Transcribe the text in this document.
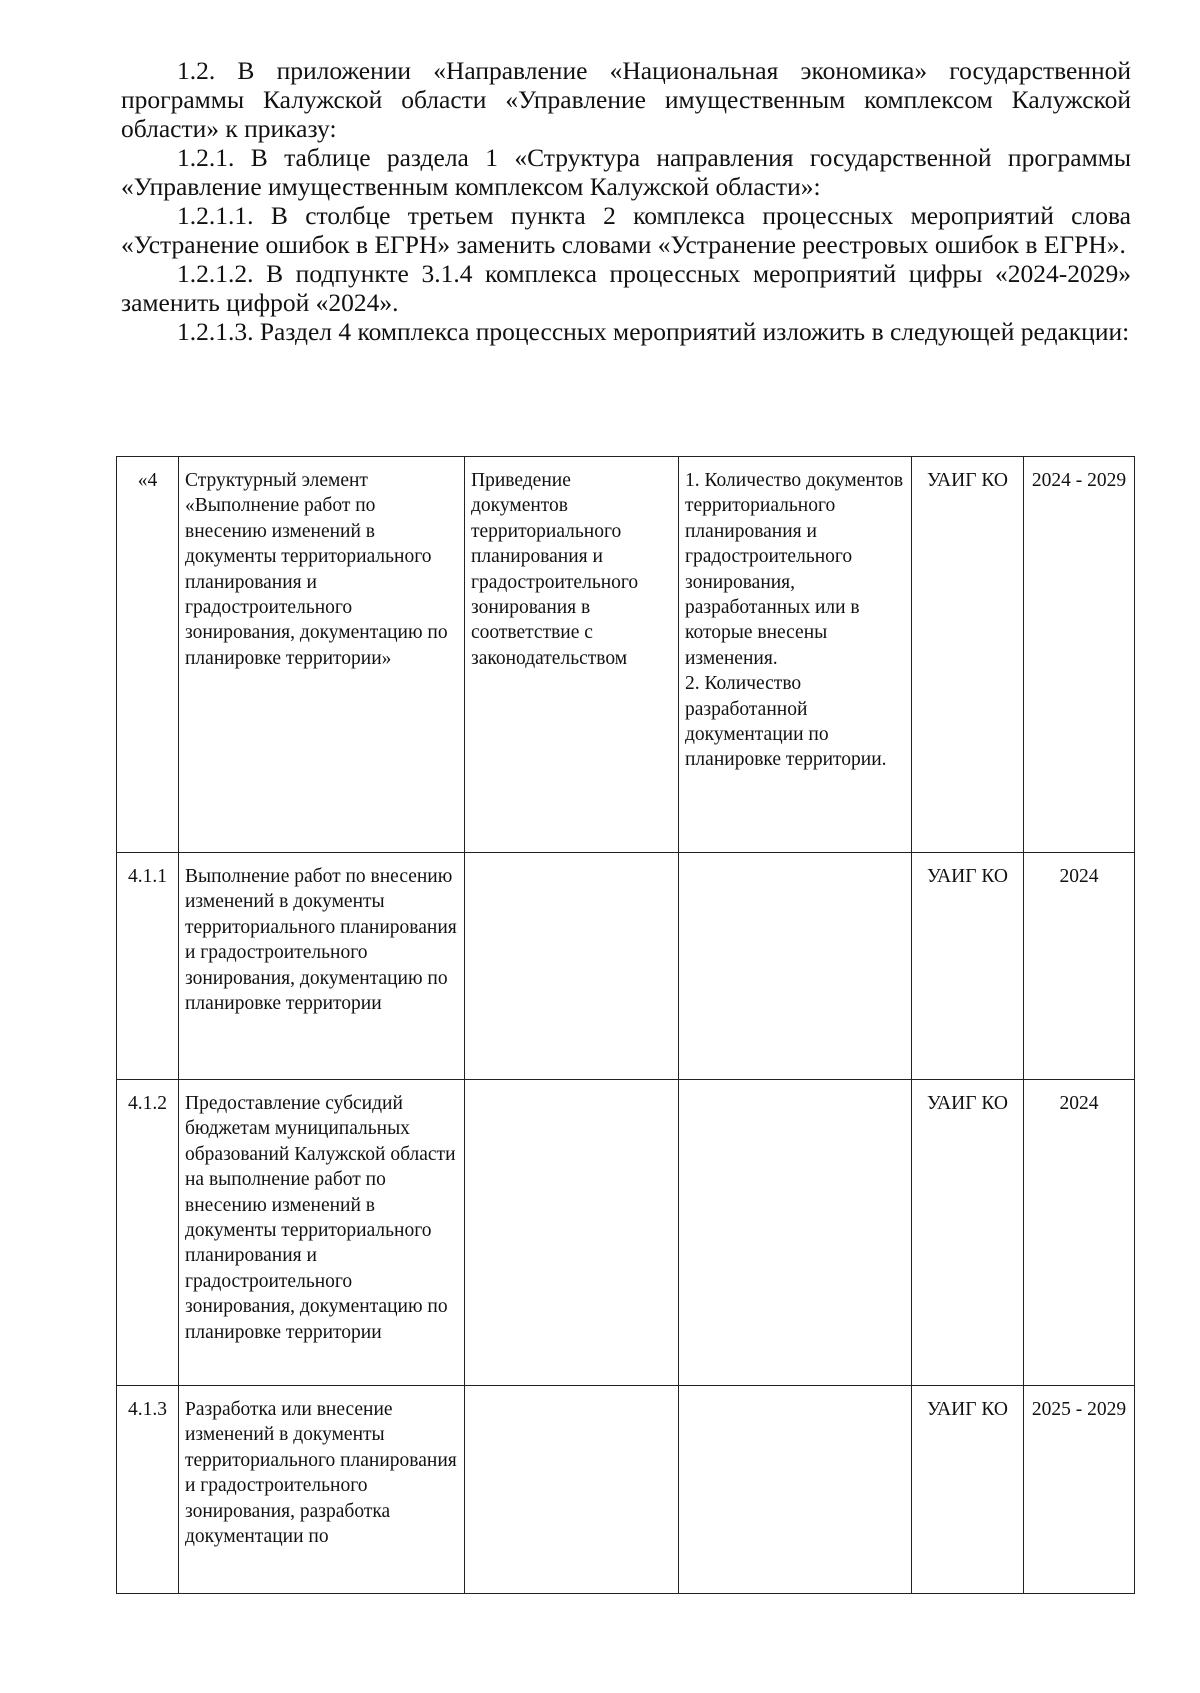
1.2. В приложении «Направление «Национальная экономика» государственной программы Калужской области «Управление имущественным комплексом Калужской области» к приказу:

1.2.1. В таблице раздела 1 «Структура направления государственной программы «Управление имущественным комплексом Калужской области»:

1.2.1.1. В столбце третьем пункта 2 комплекса процессных мероприятий слова «Устранение ошибок в ЕГРН» заменить словами «Устранение реестровых ошибок в ЕГРН».

1.2.1.2. В подпункте 3.1.4 комплекса процессных мероприятий цифры «2024-2029» заменить цифрой «2024».

1.2.1.3. Раздел 4 комплекса процессных мероприятий изложить в следующей редакции:

«4	Структурный элемент «Выполнение работ по внесению изменений в документы территориального планирования и градостроительного зонирования, документацию по планировке территории»	Приведение документов территориального планирования и градостроительного зонирования в соответствие с законодательством	1. Количество документов территориального планирования и градостроительного зонирования, разработанных или в которые внесены изменения.
2. Количество разработанной документации по планировке территории.	УАИГ КО	2024 - 2029
4.1.1	Выполнение работ по внесению изменений в документы территориального планирования и градостроительного зонирования, документацию по планировке территории			УАИГ КО	2024
4.1.2	Предоставление субсидий бюджетам муниципальных образований Калужской области на выполнение работ по внесению изменений в документы территориального планирования и градостроительного зонирования, документацию по планировке территории			УАИГ КО	2024
4.1.3	Разработка или внесение изменений в документы территориального планирования и градостроительного зонирования, разработка документации по			УАИГ КО	2025 - 2029
